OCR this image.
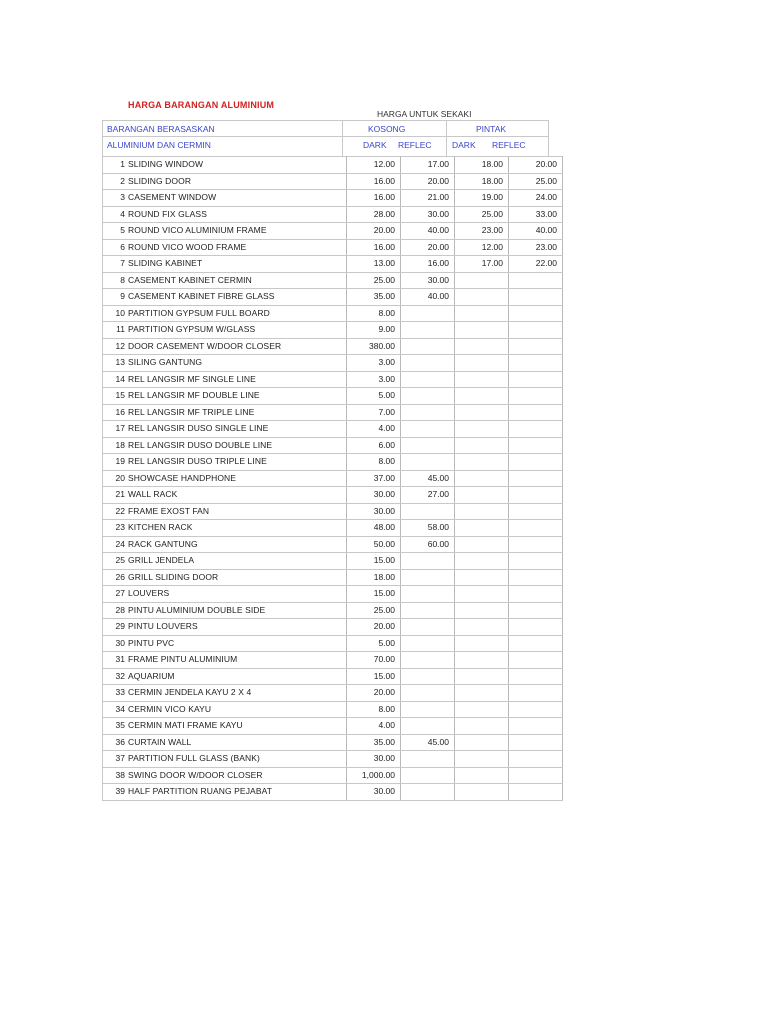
HARGA BARANGAN ALUMINIUM
HARGA UNTUK SEKAKI
BARANGAN BERASASKAN
ALUMINIUM DAN CERMIN
KOSONG	PINTAK
DARK REFLEC DARK REFLEC
1	SLIDING WINDOW	12.00	17.00	18.00	20.00
2	SLIDING DOOR	16.00	20.00	18.00	25.00
3	CASEMENT WINDOW	16.00	21.00	19.00	24.00
4	ROUND FIX GLASS	28.00	30.00	25.00	33.00
5	ROUND VICO ALUMINIUM FRAME	20.00	40.00	23.00	40.00
6	ROUND VICO WOOD FRAME	16.00	20.00	12.00	23.00
7	SLIDING KABINET	13.00	16.00	17.00	22.00
8	CASEMENT KABINET CERMIN	25.00	30.00		
9	CASEMENT KABINET FIBRE GLASS	35.00	40.00		
10	PARTITION GYPSUM FULL BOARD	8.00			
11	PARTITION GYPSUM W/GLASS	9.00			
12	DOOR CASEMENT W/DOOR CLOSER	380.00			
13	SILING GANTUNG	3.00			
14	REL LANGSIR MF SINGLE LINE	3.00			
15	REL LANGSIR MF DOUBLE LINE	5.00			
16	REL LANGSIR MF TRIPLE LINE	7.00			
17	REL LANGSIR DUSO SINGLE LINE	4.00			
18	REL LANGSIR DUSO DOUBLE LINE	6.00			
19	REL LANGSIR DUSO TRIPLE LINE	8.00			
20	SHOWCASE HANDPHONE	37.00	45.00		
21	WALL RACK	30.00	27.00		
22	FRAME EXOST FAN	30.00			
23	KITCHEN RACK	48.00	58.00		
24	RACK GANTUNG	50.00	60.00		
25	GRILL JENDELA	15.00			
26	GRILL SLIDING DOOR	18.00			
27	LOUVERS	15.00			
28	PINTU ALUMINIUM DOUBLE SIDE	25.00			
29	PINTU LOUVERS	20.00			
30	PINTU PVC	5.00			
31	FRAME PINTU ALUMINIUM	70.00			
32	AQUARIUM	15.00			
33	CERMIN JENDELA KAYU 2 X 4	20.00			
34	CERMIN VICO KAYU	8.00			
35	CERMIN MATI FRAME KAYU	4.00			
36	CURTAIN WALL	35.00	45.00		
37	PARTITION FULL GLASS (BANK)	30.00			
38	SWING DOOR W/DOOR CLOSER	1,000.00			
39	HALF PARTITION RUANG PEJABAT	30.00			
